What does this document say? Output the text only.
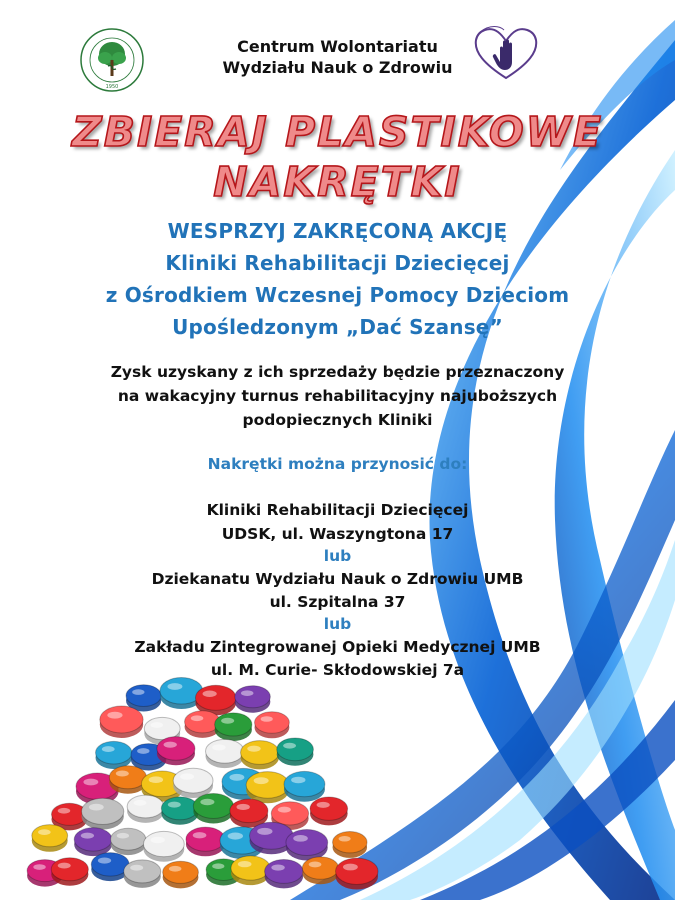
1950
Centrum Wolontariatu
Wydziału Nauk o Zdrowiu
ZBIERAJ PLASTIKOWE
NAKRĘTKI
WESPRZYJ ZAKRĘCONĄ AKCJĘ
Kliniki Rehabilitacji Dziecięcej
z Ośrodkiem Wczesnej Pomocy Dzieciom
Upośledzonym „Dać Szansę”
Zysk uzyskany z ich sprzedaży będzie przeznaczony
na wakacyjny turnus rehabilitacyjny najuboższych
podopiecznych Kliniki
Nakrętki można przynosić do:
Kliniki Rehabilitacji Dziecięcej
UDSK, ul. Waszyngtona 17
lub
Dziekanatu Wydziału Nauk o Zdrowiu UMB
ul. Szpitalna 37
lub
Zakładu Zintegrowanej Opieki Medycznej UMB
ul. M. Curie- Skłodowskiej 7a
